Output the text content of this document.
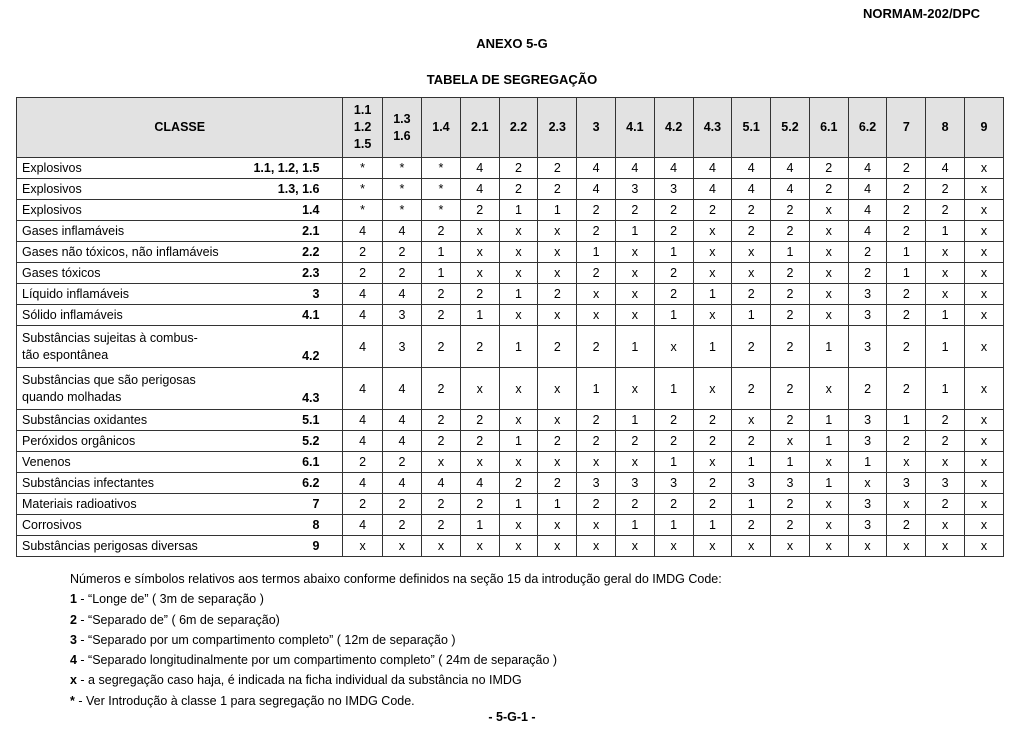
NORMAM-202/DPC
ANEXO 5-G
TABELA DE SEGREGAÇÃO
CLASSE	1.1
1.2
1.5	1.3
1.6	1.4	2.1	2.2	2.3	3	4.1	4.2	4.3	5.1	5.2	6.1	6.2	7	8	9

Explosivos 1.1, 1.2, 1.5	*	*	*	4	2	2	4	4	4	4	4	4	2	4	2	4	x

Explosivos 1.3, 1.6	*	*	*	4	2	2	4	3	3	4	4	4	2	4	2	2	x

Explosivos 1.4	*	*	*	2	1	1	2	2	2	2	2	2	x	4	2	2	x

Gases inflamáveis 2.1	4	4	2	x	x	x	2	1	2	x	2	2	x	4	2	1	x

Gases não tóxicos, não inflamáveis 2.2	2	2	1	x	x	x	1	x	1	x	x	1	x	2	1	x	x

Gases tóxicos 2.3	2	2	1	x	x	x	2	x	2	x	x	2	x	2	1	x	x

Líquido inflamáveis 3	4	4	2	2	1	2	x	x	2	1	2	2	x	3	2	x	x

Sólido inflamáveis 4.1	4	3	2	1	x	x	x	x	1	x	1	2	x	3	2	1	x

Substâncias sujeitas à combus-
tão espontânea 4.2	4	3	2	2	1	2	2	1	x	1	2	2	1	3	2	1	x

Substâncias que são perigosas
quando molhadas 4.3	4	4	2	x	x	x	1	x	1	x	2	2	x	2	2	1	x

Substâncias oxidantes 5.1	4	4	2	2	x	x	2	1	2	2	x	2	1	3	1	2	x

Peróxidos orgânicos 5.2	4	4	2	2	1	2	2	2	2	2	2	x	1	3	2	2	x

Venenos 6.1	2	2	x	x	x	x	x	x	1	x	1	1	x	1	x	x	x

Substâncias infectantes 6.2	4	4	4	4	2	2	3	3	3	2	3	3	1	x	3	3	x

Materiais radioativos 7	2	2	2	2	1	1	2	2	2	2	1	2	x	3	x	2	x

Corrosivos 8	4	2	2	1	x	x	x	1	1	1	2	2	x	3	2	x	x

Substâncias perigosas diversas 9	x	x	x	x	x	x	x	x	x	x	x	x	x	x	x	x	x
Números e símbolos relativos aos termos abaixo conforme definidos na seção 15 da introdução geral do IMDG Code:
1 - “Longe de” ( 3m de separação )
2 - “Separado de” ( 6m de separação)
3 - “Separado por um compartimento completo” ( 12m de separação )
4 - “Separado longitudinalmente por um compartimento completo” ( 24m de separação )
x - a segregação caso haja, é indicada na ficha individual da substância no IMDG
* - Ver Introdução à classe 1 para segregação no IMDG Code.
- 5-G-1 -
